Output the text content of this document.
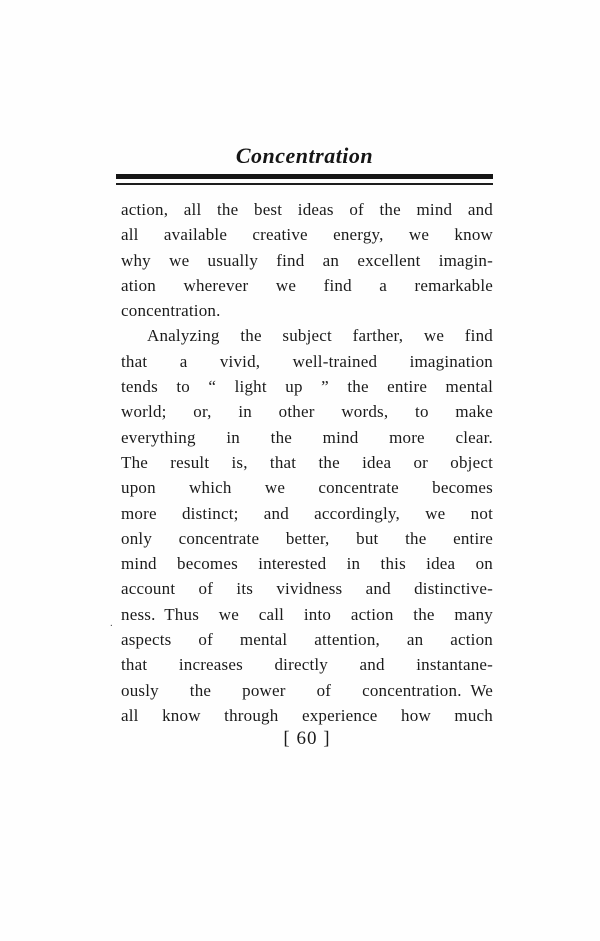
Concentration
action, all the best ideas of the mind and
all available creative energy, we know
why we usually find an excellent imagin-
ation wherever we find a remarkable
concentration.
Analyzing the subject farther, we find
that a vivid, well-trained imagination
tends to “ light up ” the entire mental
world; or, in other words, to make
everything in the mind more clear.
The result is, that the idea or object
upon which we concentrate becomes
more distinct; and accordingly, we not
only concentrate better, but the entire
mind becomes interested in this idea on
account of its vividness and distinctive-
. ness. Thus we call into action the many
aspects of mental attention, an action
that increases directly and instantane-
ously the power of concentration. We
all know through experience how much
[ 60 ]
